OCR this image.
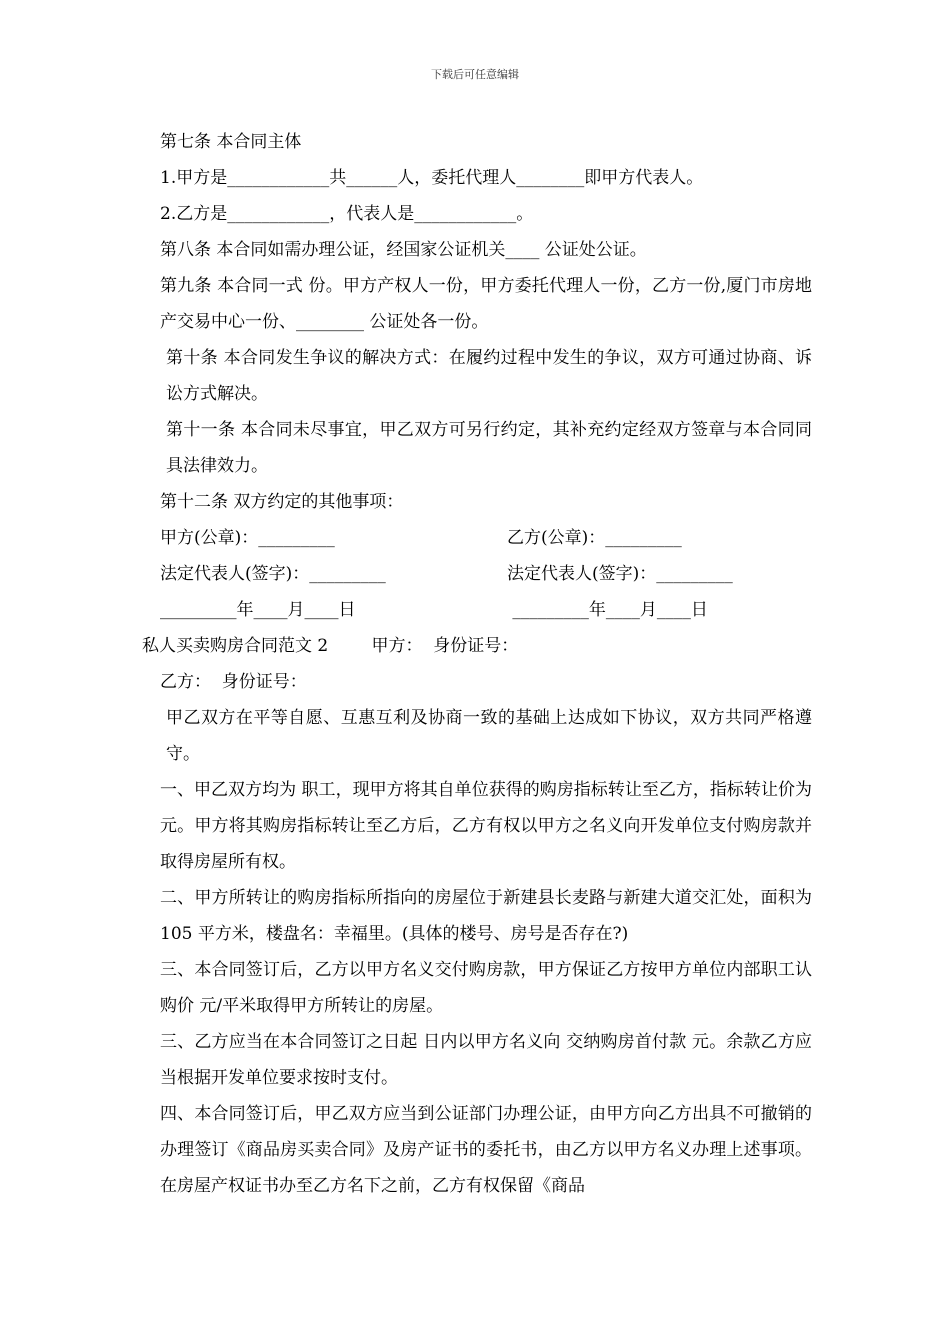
下载后可任意编辑

第七条 本合同主体

1.甲方是____________共______人，委托代理人________即甲方代表人。

2.乙方是____________，代表人是____________。

第八条 本合同如需办理公证，经国家公证机关____ 公证处公证。

第九条 本合同一式 份。甲方产权人一份，甲方委托代理人一份，乙方一份,厦门市房地产交易中心一份、________ 公证处各一份。

第十条 本合同发生争议的解决方式：在履约过程中发生的争议，双方可通过协商、诉讼方式解决。

第十一条 本合同未尽事宜，甲乙双方可另行约定，其补充约定经双方签章与本合同同具法律效力。

第十二条 双方约定的其他事项：

甲方(公章)：_________	乙方(公章)：_________
法定代表人(签字)：_________	法定代表人(签字)：_________
_________年____月____日	_________年____月____日

私人买卖购房合同范文 2        甲方：  身份证号：

乙方：  身份证号：

甲乙双方在平等自愿、互惠互利及协商一致的基础上达成如下协议，双方共同严格遵守。

一、甲乙双方均为 职工，现甲方将其自单位获得的购房指标转让至乙方，指标转让价为 元。甲方将其购房指标转让至乙方后，乙方有权以甲方之名义向开发单位支付购房款并取得房屋所有权。

二、甲方所转让的购房指标所指向的房屋位于新建县长麦路与新建大道交汇处，面积为 105 平方米，楼盘名：幸福里。(具体的楼号、房号是否存在?)

三、本合同签订后，乙方以甲方名义交付购房款，甲方保证乙方按甲方单位内部职工认购价 元/平米取得甲方所转让的房屋。

三、乙方应当在本合同签订之日起 日内以甲方名义向 交纳购房首付款 元。余款乙方应当根据开发单位要求按时支付。

四、本合同签订后，甲乙双方应当到公证部门办理公证，由甲方向乙方出具不可撤销的办理签订《商品房买卖合同》及房产证书的委托书，由乙方以甲方名义办理上述事项。在房屋产权证书办至乙方名下之前，乙方有权保留《商品
